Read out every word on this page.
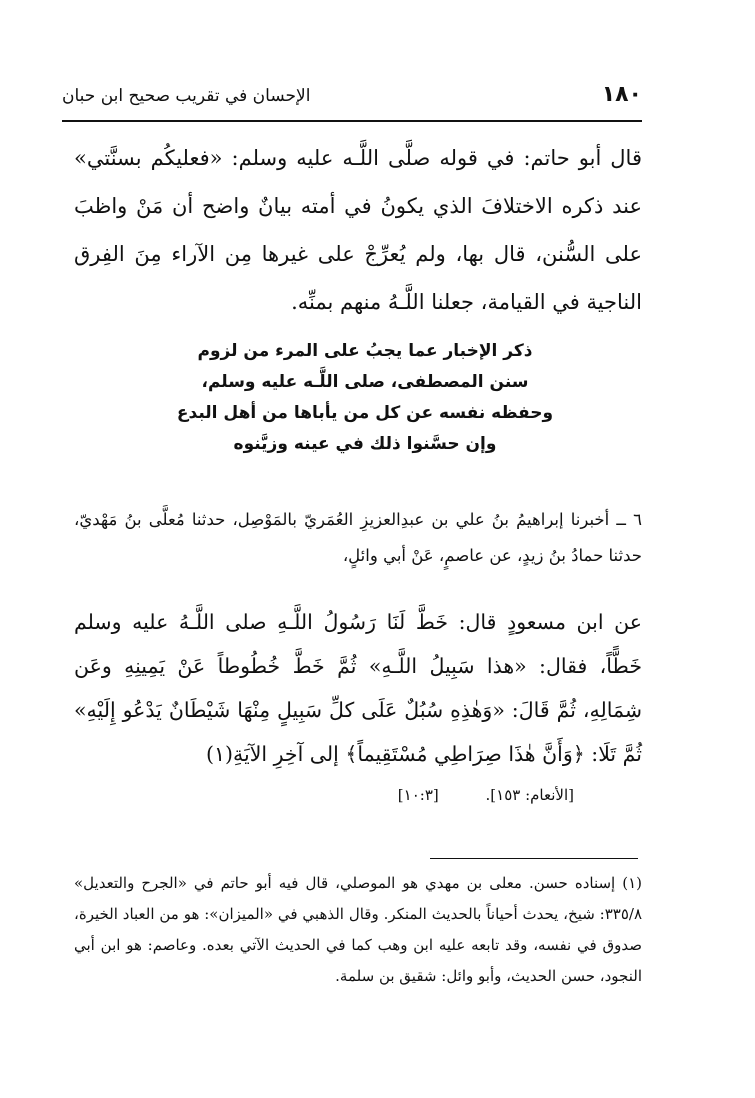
١٨٠
الإحسان في تقريب صحيح ابن حبان

قال أبو حاتم: في قوله صلَّى اللَّـه عليه وسلم: «فعليكُم بسنَّتي» عند ذكره الاختلافَ الذي يكونُ في أمته بيانٌ واضح أن مَنْ واظبَ على السُّنن، قال بها، ولم يُعرِّجْ على غيرها مِن الآراء مِنَ الفِرق الناجية في القيامة، جعلنا اللَّـهُ منهم بمنِّه.

ذكر الإخبار عما يجبُ على المرء من لزوم
سنن المصطفى، صلى اللَّـه عليه وسلم،
وحفظه نفسه عن كل من يأباها من أهل البدع
وإن حسَّنوا ذلك في عينه وزيَّنوه

٦ ــ أخبرنا إبراهيمُ بنُ علي بن عبدِالعزيزِ العُمَريّ بالمَوْصِل، حدثنا مُعلَّى بنُ مَهْديّ، حدثنا حمادُ بنُ زيدٍ، عن عاصمٍ، عَنْ أبي وائلٍ،

عن ابن مسعودٍ قال: خَطَّ لَنَا رَسُولُ اللَّـهِ صلى اللَّـهُ عليه وسلم خَطًّاً، فقال: «هذا سَبِيلُ اللَّـهِ» ثُمَّ خَطَّ خُطُوطاً عَنْ يَمِينِهِ وعَن شِمَالِهِ، ثُمَّ قَالَ: «وَهٰذِهِ سُبُلٌ عَلَى كلِّ سَبِيلٍ مِنْهَا شَيْطَانٌ يَدْعُو إِلَيْهِ» ثُمَّ تَلَا: ﴿وَأَنَّ هٰذَا صِرَاطِي مُسْتَقِيماً﴾ إلى آخِرِ الآيَةِ(١)

[الأنعام: ١٥٣]. [١٠:٣]

(١) إسناده حسن. معلى بن مهدي هو الموصلي، قال فيه أبو حاتم في «الجرح والتعديل» ٣٣٥/٨: شيخ، يحدث أحياناً بالحديث المنكر. وقال الذهبي في «الميزان»: هو من العباد الخيرة، صدوق في نفسه، وقد تابعه عليه ابن وهب كما في الحديث الآتي بعده. وعاصم: هو ابن أبي النجود، حسن الحديث، وأبو وائل: شقيق بن سلمة.
